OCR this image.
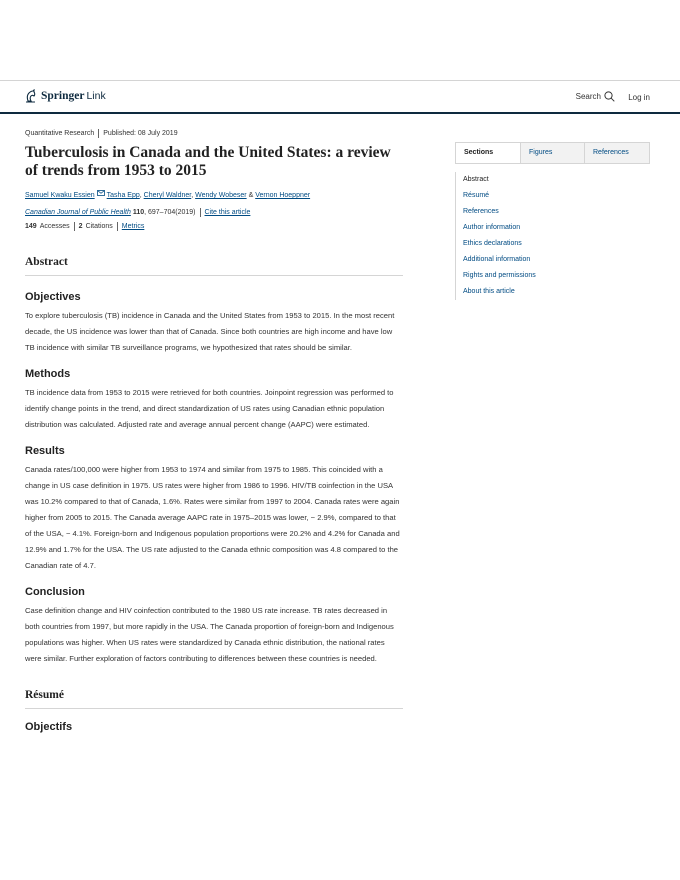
Springer Link	Search	Log in
Quantitative Research Published: 08 July 2019
Tuberculosis in Canada and the United States: a review of trends from 1953 to 2015
Samuel Kwaku Essien Tasha Epp, Cheryl Waldner, Wendy Wobeser & Vernon Hoeppner
Canadian Journal of Public Health
110 , 697–704(2019) Cite this article
149 Accesses 2 Citations Metrics
Abstract
Objectives

To explore tuberculosis (TB) incidence in Canada and the United States from 1953 to 2015. In the most recent decade, the US incidence was lower than that of Canada. Since both countries are high income and have low TB incidence with similar TB surveillance programs, we hypothesized that rates should be similar.

Methods

TB incidence data from 1953 to 2015 were retrieved for both countries. Joinpoint regression was performed to identify change points in the trend, and direct standardization of US rates using Canadian ethnic population distribution was calculated. Adjusted rate and average annual percent change (AAPC) were estimated.

Results

Canada rates/100,000 were higher from 1953 to 1974 and similar from 1975 to 1985. This coincided with a change in US case definition in 1975. US rates were higher from 1986 to 1996. HIV/TB coinfection in the USA was 10.2% compared to that of Canada, 1.6%. Rates were similar from 1997 to 2004. Canada rates were again higher from 2005 to 2015. The Canada average AAPC rate in 1975–2015 was lower, − 2.9%, compared to that of the USA, − 4.1%. Foreign-born and Indigenous population proportions were 20.2% and 4.2% for Canada and 12.9% and 1.7% for the USA. The US rate adjusted to the Canada ethnic composition was 4.8 compared to the Canadian rate of 4.7.

Conclusion

Case definition change and HIV coinfection contributed to the 1980 US rate increase. TB rates decreased in both countries from 1997, but more rapidly in the USA. The Canada proportion of foreign-born and Indigenous populations was higher. When US rates were standardized by Canada ethnic distribution, the national rates were similar. Further exploration of factors contributing to differences between these countries is needed.

Résumé
Objectifs
Sections	Figures	References
Abstract
Résumé
References
Author information
Ethics declarations
Additional information
Rights and permissions
About this article
